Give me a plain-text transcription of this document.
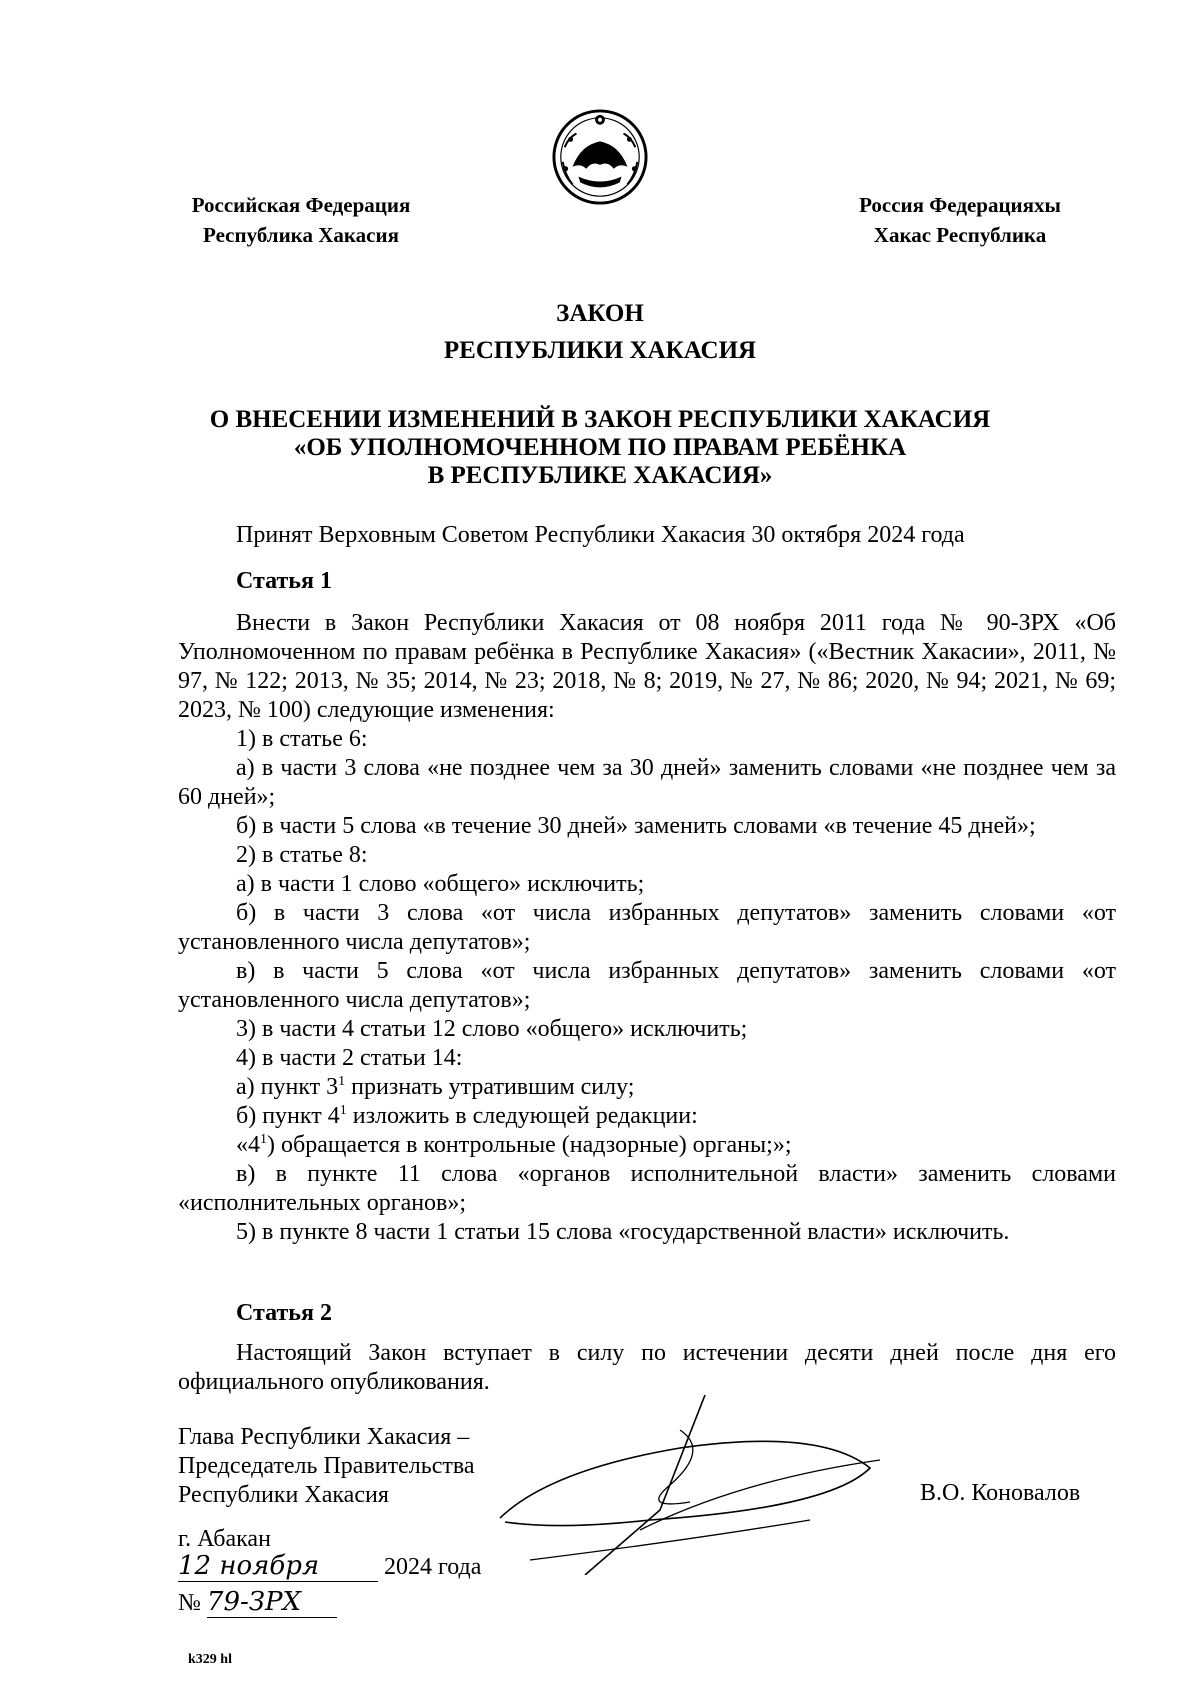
Российская Федерация
Республика Хакасия
Россия Федерацияхы
Хакас Республика
ЗАКОН
РЕСПУБЛИКИ ХАКАСИЯ
О ВНЕСЕНИИ ИЗМЕНЕНИЙ В ЗАКОН РЕСПУБЛИКИ ХАКАСИЯ
«ОБ УПОЛНОМОЧЕННОМ ПО ПРАВАМ РЕБЁНКА
В РЕСПУБЛИКЕ ХАКАСИЯ»
Принят Верховным Советом Республики Хакасия 30 октября 2024 года
Статья 1

Внести в Закон Республики Хакасия от 08 ноября 2011 года № 90-ЗРХ «Об Уполномоченном по правам ребёнка в Республике Хакасия» («Вестник Хакасии», 2011, № 97, № 122; 2013, № 35; 2014, № 23; 2018, № 8; 2019, № 27, № 86; 2020, № 94; 2021, № 69; 2023, № 100) следующие изменения:

1) в статье 6:

а) в части 3 слова «не позднее чем за 30 дней» заменить словами «не позднее чем за 60 дней»;

б) в части 5 слова «в течение 30 дней» заменить словами «в течение 45 дней»;

2) в статье 8:

а) в части 1 слово «общего» исключить;

б) в части 3 слова «от числа избранных депутатов» заменить словами «от установленного числа депутатов»;

в) в части 5 слова «от числа избранных депутатов» заменить словами «от установленного числа депутатов»;

3) в части 4 статьи 12 слово «общего» исключить;

4) в части 2 статьи 14:

а) пункт $3^1$ признать утратившим силу;

б) пункт $4^1$ изложить в следующей редакции:

«$4^1$) обращается в контрольные (надзорные) органы;»;

в) в пункте 11 слова «органов исполнительной власти» заменить словами «исполнительных органов»;

5) в пункте 8 части 1 статьи 15 слова «государственной власти» исключить.

Статья 2

Настоящий Закон вступает в силу по истечении десяти дней после дня его официального опубликования.

Глава Республики Хакасия –
Председатель Правительства
Республики Хакасия	В.О. Коновалов
г. Абакан
12 ноября	2024 года
№ 79-ЗРХ
k329 hl
